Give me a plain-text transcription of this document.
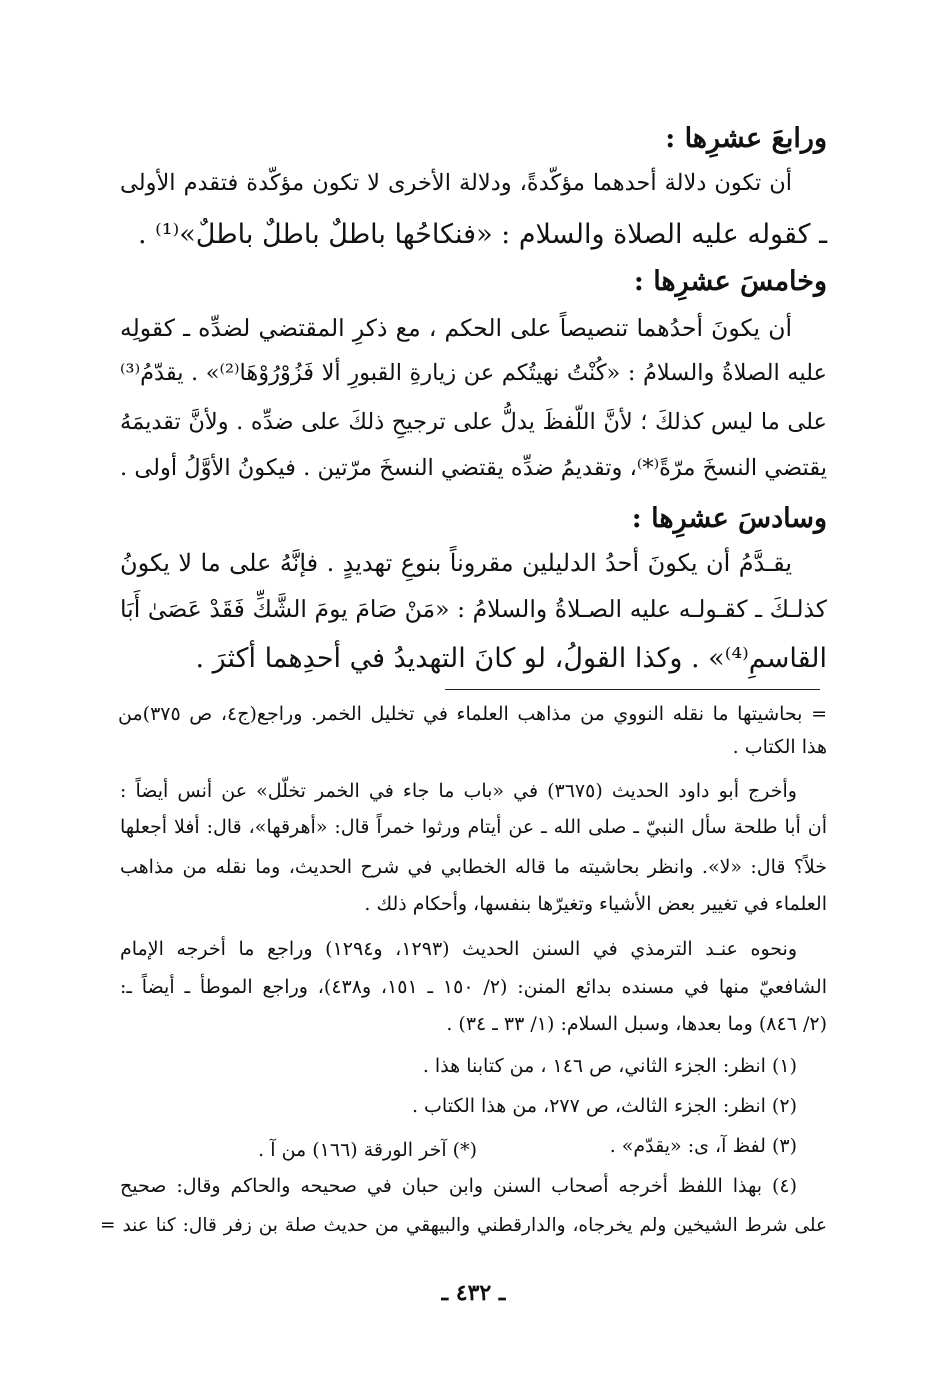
ورابعَ عشرِها :
أن تكون دلالة أحدهما مؤكّدةً، ودلالة الأخرى لا تكون مؤكّدة فتقدم الأولى
ـ كقوله عليه الصلاة والسلام : «فنكاحُها باطلٌ باطلٌ باطلٌ»⁽¹⁾ .
وخامسَ عشرِها :
أن يكونَ أحدُهما تنصيصاً على الحكم ، مع ذكرِ المقتضي لضدِّه ـ كقولِه
عليه الصلاةُ والسلامُ : «كُنْتُ نهيتُكم عن زيارةِ القبورِ ألا فَزُوْرُوْهَا⁽²⁾» . يقدّمُ⁽³⁾
على ما ليس كذلكَ ؛ لأنَّ اللّفظَ يدلُّ على ترجيحِ ذلكَ على ضدِّه . ولأنَّ تقديمَهُ
يقتضي النسخَ مرّةً⁽*⁾، وتقديمُ ضدِّه يقتضي النسخَ مرّتين . فيكونُ الأوَّلُ أولى .
وسادسَ عشرِها :
يقـدَّمُ أن يكونَ أحدُ الدليلين مقروناً بنوعِ تهديدٍ . فإنَّهُ على ما لا يكونُ
كذلـكَ ـ كقـولـه عليه الصـلاةُ والسلامُ : «مَنْ صَامَ يومَ الشَّكِّ فَقَدْ عَصَىٰ أَبَا
القاسمِ⁽⁴⁾» . وكذا القولُ، لو كانَ التهديدُ في أحدِهما أكثرَ .
= بحاشيتها ما نقله النووي من مذاهب العلماء في تخليل الخمر. وراجع(ج٤، ص ٣٧٥)من
هذا الكتاب .
وأخرج أبو داود الحديث (٣٦٧٥) في «باب ما جاء في الخمر تخلّل» عن أنس أيضاً :
أن أبا طلحة سأل النبيّ ـ صلى الله ـ عن أيتام ورثوا خمراً قال: «أهرقها»، قال: أفلا أجعلها
خلاً؟ قال: «لا». وانظر بحاشيته ما قاله الخطابي في شرح الحديث، وما نقله من مذاهب
العلماء في تغيير بعض الأشياء وتغيرّها بنفسها، وأحكام ذلك .
ونحوه عنـد الترمذي في السنن الحديث (١٢٩٣، و١٢٩٤) وراجع ما أخرجه الإمام
الشافعيّ منها في مسنده بدائع المنن: (٢/ ١٥٠ ـ ١٥١، و٤٣٨)، وراجع الموطأ ـ أيضاً ـ:
(٢/ ٨٤٦) وما بعدها، وسبل السلام: (١/ ٣٣ ـ ٣٤) .
(١) انظر: الجزء الثاني، ص ١٤٦ ، من كتابنا هذا .
(٢) انظر: الجزء الثالث، ص ٢٧٧، من هذا الكتاب .
(٣) لفظ آ، ى: «يقدّم» .
(*) آخر الورقة (١٦٦) من آ .
(٤) بهذا اللفظ أخرجه أصحاب السنن وابن حبان في صحيحه والحاكم وقال: صحيح
على شرط الشيخين ولم يخرجاه، والدارقطني والبيهقي من حديث صلة بن زفر قال: كنا عند =
ـ ٤٣٢ ـ
